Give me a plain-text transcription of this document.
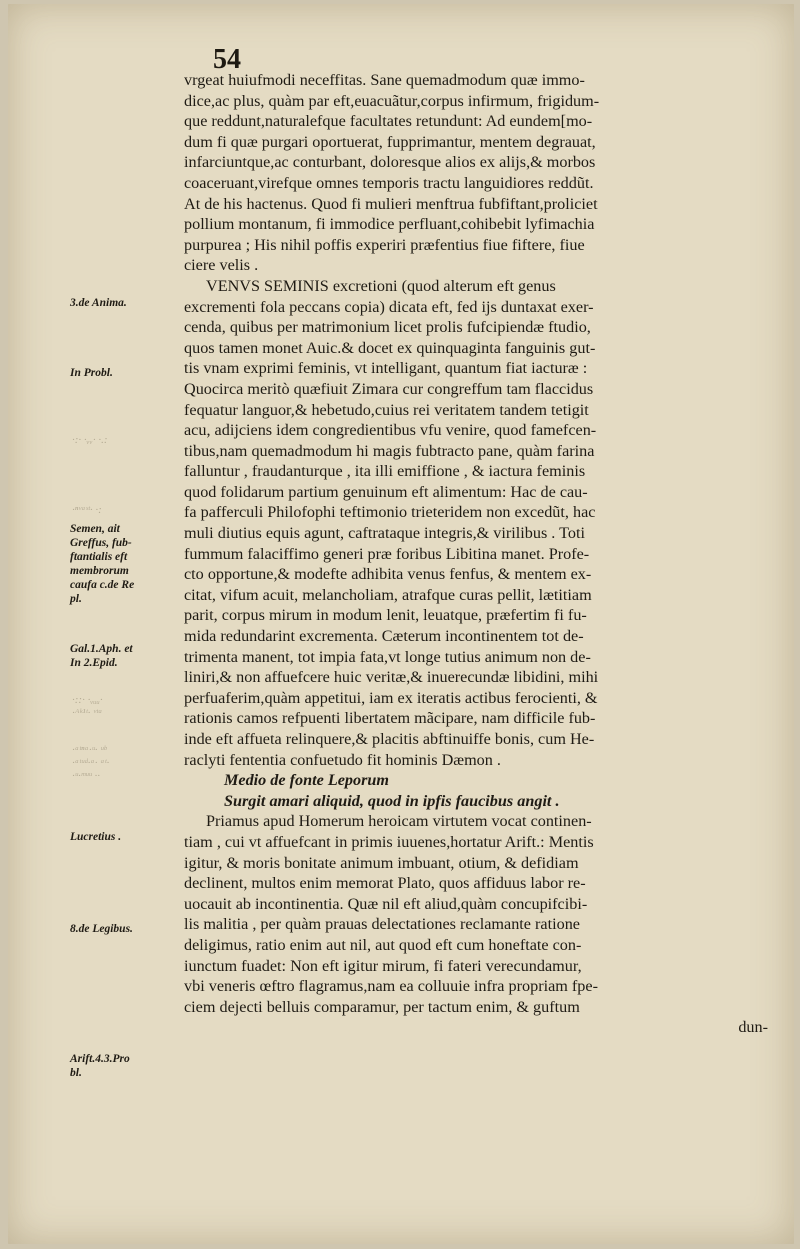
54
vrgeat huiufmodi neceffitas. Sane quemadmodum quæ immo-
dice,ac plus, quàm par eft,euacuãtur,corpus infirmum, frigidum-
que reddunt,naturalefque facultates retundunt: Ad eundem[mo-
dum fi quæ purgari oportuerat, fupprimantur, mentem degrauat,
infarciuntque,ac conturbant, doloresque alios ex alijs,& morbos
coaceruant,virefque omnes temporis tractu languidiores reddũt.
At de his hactenus. Quod fi mulieri menftrua fubfiftant,proliciet
pollium montanum, fi immodice perfluant,cohibebit lyfimachia
purpurea ; His nihil poffis experiri præfentius fiue fiftere, fiue
ciere velis .
VENVS SEMINIS excretioni (quod alterum eft genus
excrementi fola peccans copia) dicata eft, fed ijs duntaxat exer-
cenda, quibus per matrimonium licet prolis fufcipiendæ ftudio,
quos tamen monet Auic.& docet ex quinquaginta fanguinis gut-
tis vnam exprimi feminis, vt intelligant, quantum fiat iacturæ :
Quocirca meritò quæfiuit Zimara cur congreffum tam flaccidus
fequatur languor,& hebetudo,cuius rei veritatem tandem tetigit
acu, adijciens idem congredientibus vfu venire, quod famefcen-
tibus,nam quemadmodum hi magis fubtracto pane, quàm farina
falluntur , fraudanturque , ita illi emiffione , & iactura feminis
quod folidarum partium genuinum eft alimentum: Hac de cau-
fa pafferculi Philofophi teftimonio trieteridem non excedũt, hac
muli diutius equis agunt, caftrataque integris,& virilibus . Toti
fummum falaciffimo generi præ foribus Libitina manet. Profe-
cto opportune,& modefte adhibita venus fenfus, & mentem ex-
citat, vifum acuit, melancholiam, atrafque curas pellit, lætitiam
parit, corpus mirum in modum lenit, leuatque, præfertim fi fu-
mida redundarint excrementa. Cæterum incontinentem tot de-
trimenta manent, tot impia fata,vt longe tutius animum non de-
liniri,& non affuefcere huic veritæ,& inuerecundæ libidini, mihi
perfuaferim,quàm appetitui, iam ex iteratis actibus ferocienti, &
rationis camos refpuenti libertatem mãcipare, nam difficile fub-
inde eft affueta relinquere,& placitis abftinuiffe bonis, cum He-
raclyti fententia confuetudo fit hominis Dæmon .
Medio de fonte Leporum
Surgit amari aliquid, quod in ipfis faucibus angit .
Priamus apud Homerum heroicam virtutem vocat continen-
tiam , cui vt affuefcant in primis iuuenes,hortatur Arift.: Mentis
igitur, & moris bonitate animum imbuant, otium, & defidiam
declinent, multos enim memorat Plato, quos affiduus labor re-
uocauit ab incontinentia. Quæ nil eft aliud,quàm concupifcibi-
lis malitia , per quàm prauas delectationes reclamante ratione
deligimus, ratio enim aut nil, aut quod eft cum honeftate con-
iunctum fuadet: Non eft igitur mirum, fi fateri verecundamur,
vbi veneris œftro flagramus,nam ea colluuie infra propriam fpe-
ciem dejecti belluis comparamur, per tactum enim, & guftum
dun-
·:· ·ᵥᵥ· ·.:
·ⁿᵛᵃˢᵗ· ·:
·::· ·ᵥᵤᵤ·
·ᴬᵏ¹ᵗ· ᵛᵗᵃ
·ᵃᵗⁿᵃ·ᵘ· ᵘᵇ
·ᵃᵗᵘᵈ·ᵃ· ᵃᵗ·
·ᵘ·ᵐᵘᵘ ··
3.de Anima.
In Probl.
Semen, ait
Greffus, fub-
ftantialis eft
membrorum
caufa c.de Re
pl.
Gal.1.Aph. et
In 2.Epid.
Lucretius .
8.de Legibus.
Arift.4.3.Pro
bl.
